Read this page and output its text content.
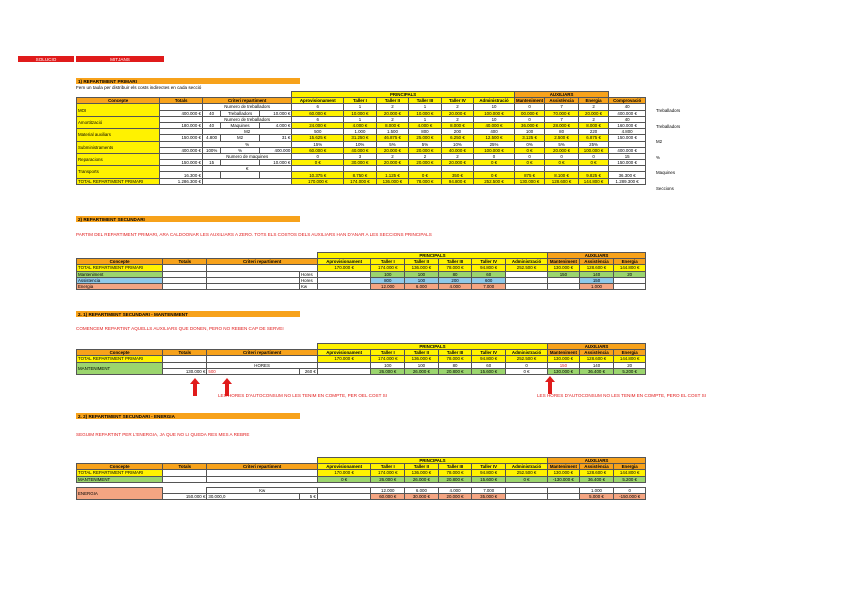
SOLUCIO	MITJANS
1) REPARTIMENT PRIMARI
Fem un taula per distribuir els costs indirectes en cada secció
					PRINCIPALS						AUXILIARS			
Concepte	Totals	Criteri repartiment			Aprovisionament	Taller I	Taller II	Taller III	Taller IV	Administració	Manteniment	Assistència	Energia	Comprovació
MOI		Numero de treballadors			6	1	2	1	2	10	0	7	2	40
	400.000 €	40	Treballadors	10.000 €	60.000 €	10.000 €	20.000 €	10.000 €	20.000 €	100.000 €	00.000 €	70.000 €	20.000 €	400.000 €
Amortització		Numero de treballadors			6	1	2	1	2	10	0	7	2	40
	180.000 €	40	Maquines	4.000 €	24.000 €	4.000 €	8.000 €	4.000 €	8.000 €	40.000 €	36.000 €	28.000 €	8.000 €	160.000 €
Material auxiliars		M2			500	1.000	1.500	800	200	400	100	80	220	4.800
	150.000 €	4.800	M2	31 €	15.625 €	31.250 €	46.875 €	25.000 €	6.250 €	12.500 €	3.125 €	2.500 €	6.875 €	150.000 €
Subministraments		%			15%	10%	5%	5%	10%	25%	0%	5%	25%	
	400.000 €	100%	%	400.000	60.000 €	40.000 €	20.000 €	20.000 €	40.000 €	100.000 €	0 €	20.000 €	100.000 €	400.000 €
Reparacions		Numero de maquines			0	3	2	2	2	0	0	0	0	15
	150.000 €	15		10.000 €	0 €	30.000 €	20.000 €	20.000 €	20.000 €	0 €	0 €	0 €	0 €	150.000 €
Transports		€												
	16.300 €				10.375 €	8.750 €	1.125 €	0 €	350 €	0 €	875 €	8.100 €	9.825 €	36.300 €
TOTAL REPARTIMENT PRIMARI	1.286.300 €				170.000 €	174.000 €	136.000 €	78.000 €	94.800 €	252.500 €	130.000 €	128.600 €	144.800 €	1.289.300 €
Treballadors
Treballadors
M2
%
Maquines
Seccions
2) REPARTIMENT SECUNDARI
PARTIM DEL REPARTIMENT PRIMARI, ARA CALDOONAR LES AUXILIARS A ZERO. TOTS ELS COSTOS DELS AUXILIARS HAN D'ANAR A LES SECCIONS PRINCIPALS
				PRINCIPALS						AUXILIARS		
Concepte	Totals	Criteri repartiment		Aprovisionament	Taller I	Taller II	Taller III	Taller IV	Administració	Manteniment	Assistència	Energia
TOTAL REPARTIMENT PRIMARI				170.000 €	174.000 €	136.000 €	78.000 €	94.800 €	252.500 €	130.000 €	128.600 €	144.800 €
Manteniment			Hores		100	100	80	60		150	140	20
Assistencia			Hores		800	100	200	600			150	
Energia			Kw		12.000	6.000	4.000	7.000			1.000	
2. 1) REPARTIMENT SECUNDARI - MANTENIMENT
COMENCEM REPARTINT AQUELLS AUXILIARS QUE DONEN, PERO NO REBEN CAP DE SERVEI
				PRINCIPALS						AUXILIARS		
Concepte	Totals	Criteri repartiment		Aprovisionament	Taller I	Taller II	Taller III	Taller IV	Administració	Manteniment	Assistència	Energia
TOTAL REPARTIMENT PRIMARI				170.000 €	174.000 €	136.000 €	78.000 €	94.800 €	252.500 €	130.000 €	128.600 €	144.800 €
MANTENIMENT		HORES			100	100	80	60	0	150	140	20
	130.000 €	500	260 €		26.000 €	26.000 €	20.800 €	15.600 €	0 €	130.000 €	36.400 €	5.200 €
LES HORES D'AUTOCONSUM NO LES TENIM EN COMPTE, PER OEL COST SI	LES HORES D'AUTOCONSUM NO LES TENIM EN COMPTE, PERO EL COST SI
2. 2) REPARTIMENT SECUNDARI - ENERGIA
SEGUIM REPARTINT PER L'ENERGIA, JA QUE NO LI QUEDA RES MES A REBRE
				PRINCIPALS						AUXILIARS		
Concepte	Totals	Criteri repartiment		Aprovisionament	Taller I	Taller II	Taller III	Taller IV	Administració	Manteniment	Assistència	Energia
TOTAL REPARTIMENT PRIMARI				170.000 €	174.000 €	136.000 €	78.000 €	94.800 €	252.500 €	130.000 €	128.600 €	144.800 €
MANTENIMENT				0 €	26.000 €	26.000 €	20.800 €	15.600 €	0 €	-130.000 €	36.400 €	5.200 €

ENERGIA		Kw			12.000	6.000	4.000	7.000			1.000	0
	150.000 €	30.000,0	5 €		60.000 €	30.000 €	20.000 €	35.000 €			5.000 €	-150.000 €
